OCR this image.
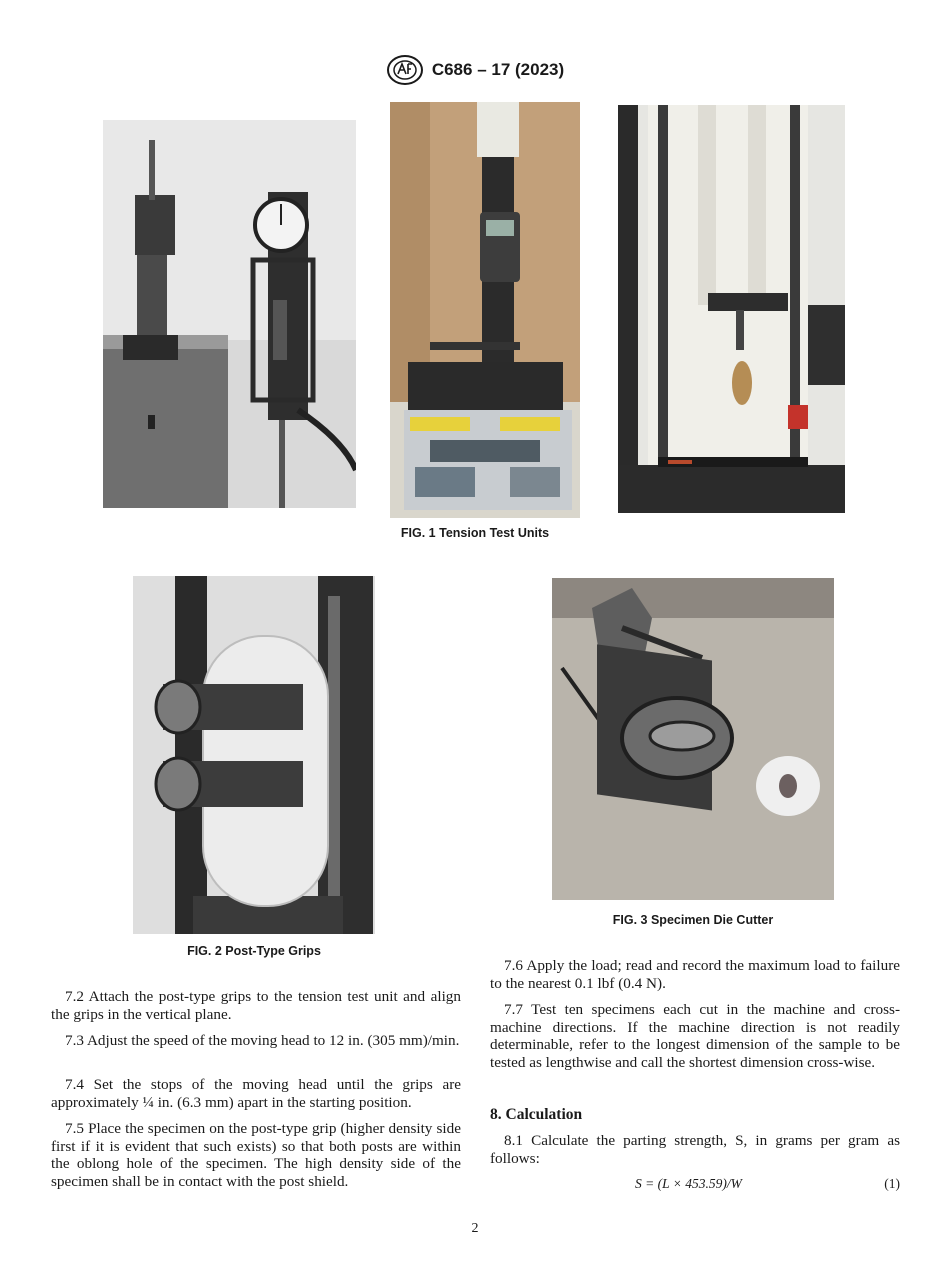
C686 – 17 (2023)
FIG. 1 Tension Test Units
FIG. 2 Post-Type Grips
FIG. 3 Specimen Die Cutter

7.2 Attach the post-type grips to the tension test unit and align the grips in the vertical plane.

7.3 Adjust the speed of the moving head to 12 in. (305 mm)/min.

7.4 Set the stops of the moving head until the grips are approximately ¼ in. (6.3 mm) apart in the starting position.

7.5 Place the specimen on the post-type grip (higher density side first if it is evident that such exists) so that both posts are within the oblong hole of the specimen. The high density side of the specimen shall be in contact with the post shield.

7.6 Apply the load; read and record the maximum load to failure to the nearest 0.1 lbf (0.4 N).

7.7 Test ten specimens each cut in the machine and cross-machine directions. If the machine direction is not readily determinable, refer to the longest dimension of the sample to be tested as lengthwise and call the shortest dimension cross-wise.

8. Calculation

8.1 Calculate the parting strength, S, in grams per gram as follows:

S = (L × 453.59)/W	(1)
2
